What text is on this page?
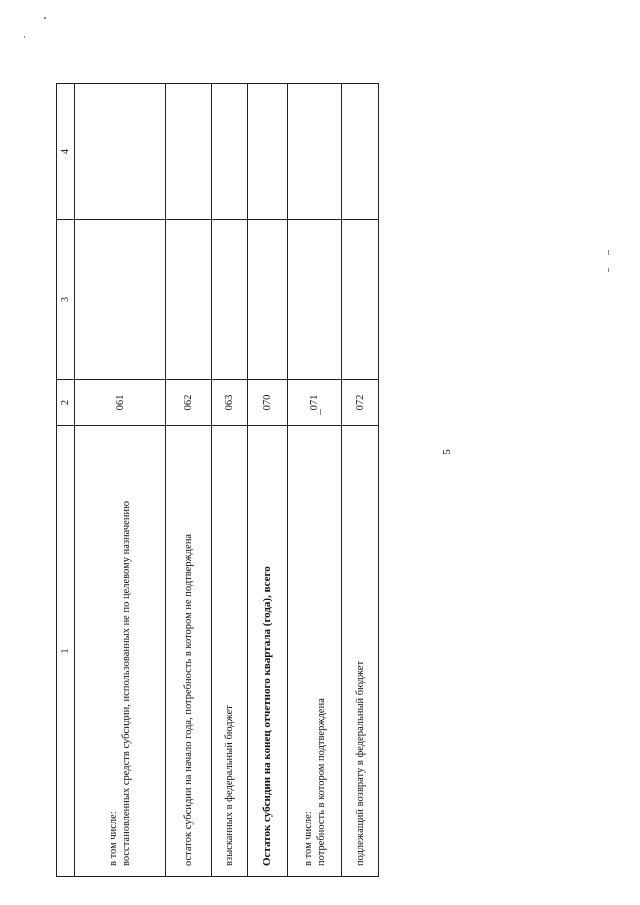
5
1	2	3	4

в том числе: восстановленных средств субсидии, использованных не по целевому назначению	061		

остаток субсидии на начало года, потребность в котором не подтверждена	062		

взысканных в федеральный бюджет	063		

Остаток субсидии на конец отчетного квартала (года), всего	070		

в том числе: потребность в котором подтверждена	071		

подлежащий возврату в федеральный бюджет	072		
